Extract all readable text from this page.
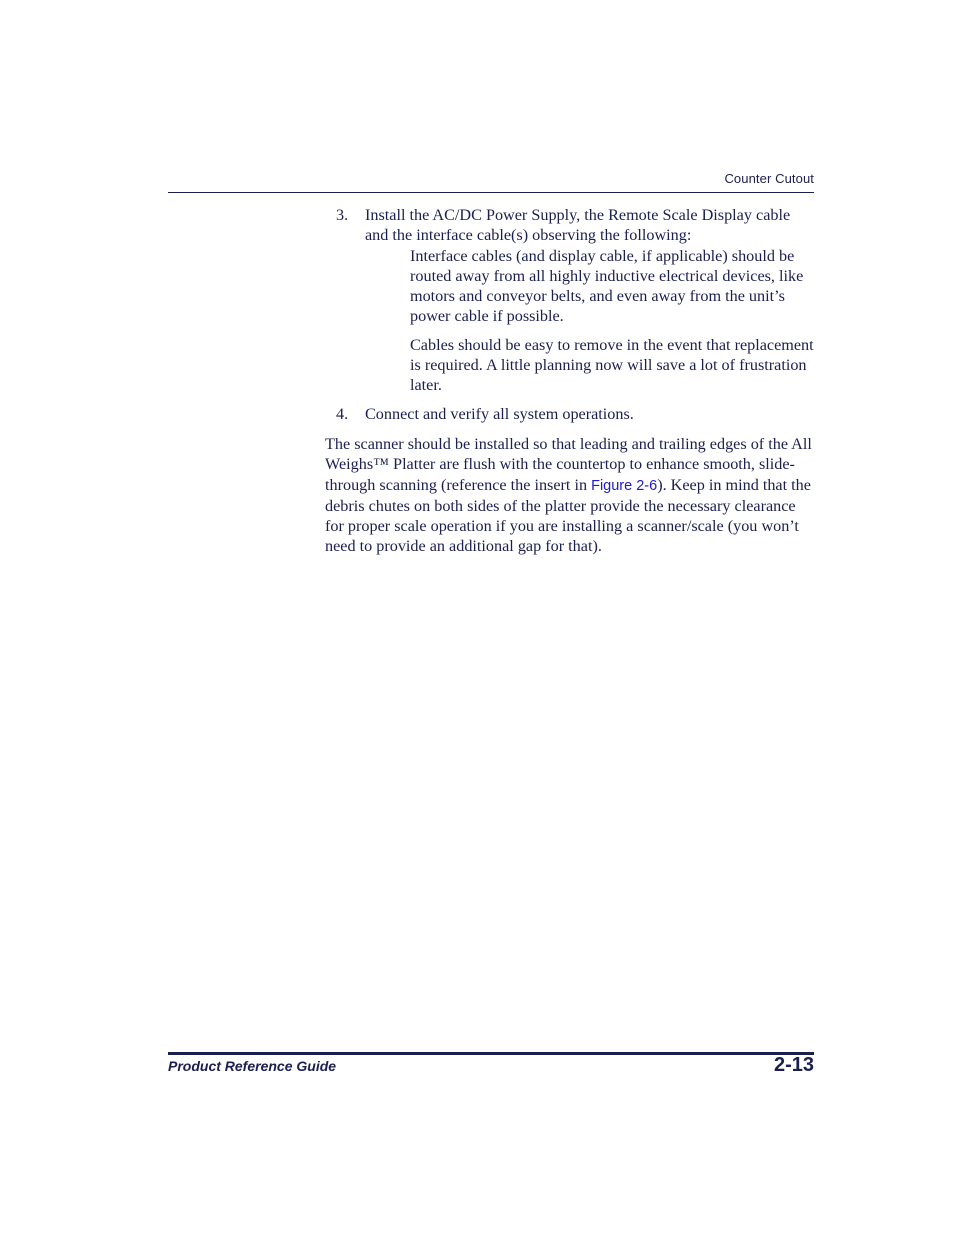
Counter Cutout
3. Install the AC/DC Power Supply, the Remote Scale Display cable and the interface cable(s) observing the following:

Interface cables (and display cable, if applicable) should be routed away from all highly inductive electrical devices, like motors and conveyor belts, and even away from the unit’s power cable if possible.

Cables should be easy to remove in the event that replacement is required. A little planning now will save a lot of frustration later.

4. Connect and verify all system operations.

The scanner should be installed so that leading and trailing edges of the All Weighs™ Platter are flush with the countertop to enhance smooth, slide-through scanning (reference the insert in Figure 2-6). Keep in mind that the debris chutes on both sides of the platter provide the necessary clearance for proper scale operation if you are installing a scanner/scale (you won’t need to provide an additional gap for that).

Product Reference Guide	2-13
